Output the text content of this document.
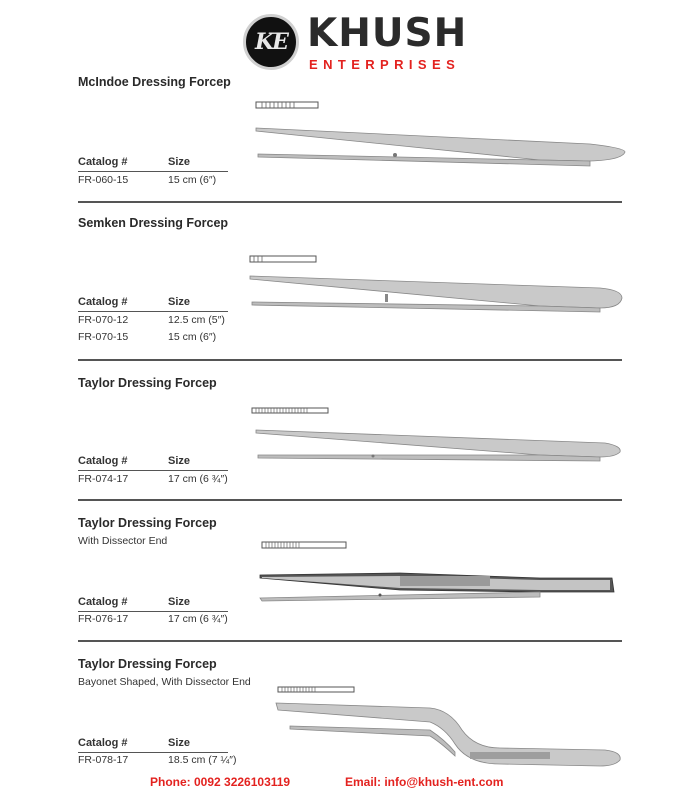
KE KHUSH
ENTERPRISES
McIndoe Dressing Forcep
Catalog #	Size
FR-060-15	15 cm (6″)
Semken Dressing Forcep
Catalog #	Size
FR-070-12	12.5 cm (5″)
FR-070-15	15 cm (6″)
Taylor Dressing Forcep
Catalog #	Size
FR-074-17	17 cm (6 ¾″)
Taylor Dressing Forcep
With Dissector End
Catalog #	Size
FR-076-17	17 cm (6 ¾″)
Taylor Dressing Forcep
Bayonet Shaped, With Dissector End
Catalog #	Size
FR-078-17	18.5 cm (7 ¼″)
Phone: 0092 3226103119	Email: info@khush-ent.com
